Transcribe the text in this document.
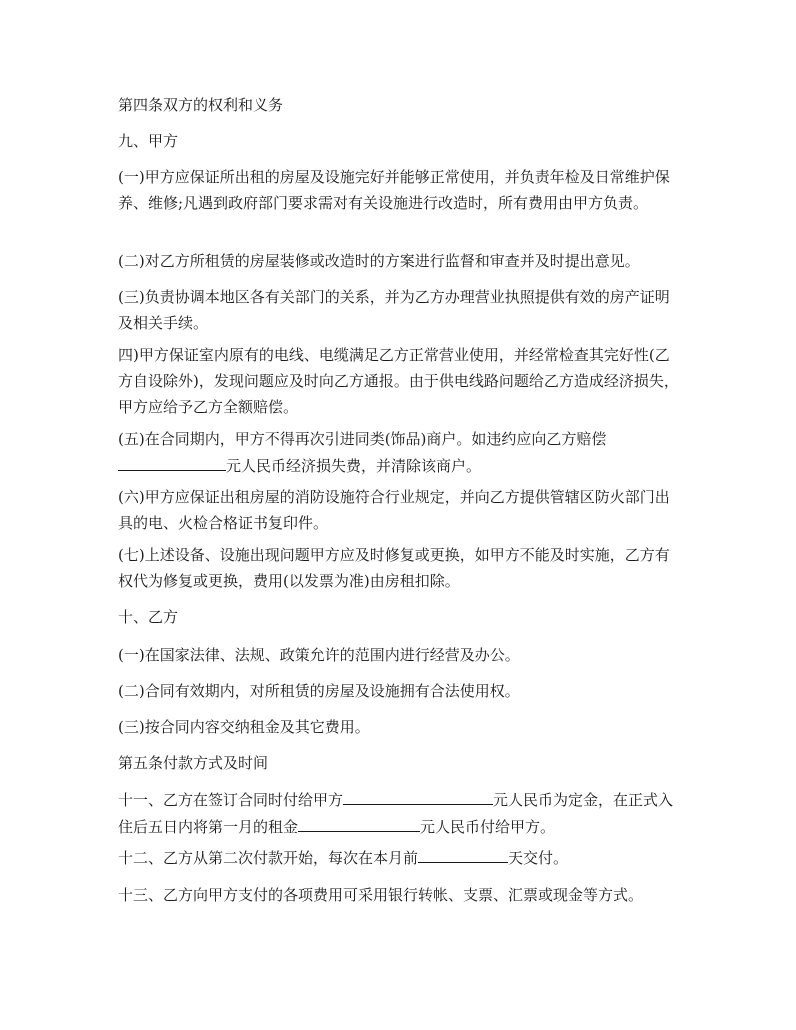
第四条双方的权利和义务

九、甲方

(一)甲方应保证所出租的房屋及设施完好并能够正常使用，并负责年检及日常维护保养、维修;凡遇到政府部门要求需对有关设施进行改造时，所有费用由甲方负责。

(二)对乙方所租赁的房屋装修或改造时的方案进行监督和审查并及时提出意见。

(三)负责协调本地区各有关部门的关系，并为乙方办理营业执照提供有效的房产证明及相关手续。

四)甲方保证室内原有的电线、电缆满足乙方正常营业使用，并经常检查其完好性(乙方自设除外)，发现问题应及时向乙方通报。由于供电线路问题给乙方造成经济损失，甲方应给予乙方全额赔偿。

(五)在合同期内，甲方不得再次引进同类(饰品)商户。如违约应向乙方赔偿
元人民币经济损失费，并清除该商户。

(六)甲方应保证出租房屋的消防设施符合行业规定，并向乙方提供管辖区防火部门出具的电、火检合格证书复印件。

(七)上述设备、设施出现问题甲方应及时修复或更换，如甲方不能及时实施，乙方有权代为修复或更换，费用(以发票为准)由房租扣除。

十、乙方

(一)在国家法律、法规、政策允许的范围内进行经营及办公。

(二)合同有效期内，对所租赁的房屋及设施拥有合法使用权。

(三)按合同内容交纳租金及其它费用。

第五条付款方式及时间

十一、乙方在签订合同时付给甲方	元人民币为定金，在正式入住后五日内将第一月的租金	元人民币付给甲方。

十二、乙方从第二次付款开始，每次在本月前	天交付。

十三、乙方向甲方支付的各项费用可采用银行转帐、支票、汇票或现金等方式。
